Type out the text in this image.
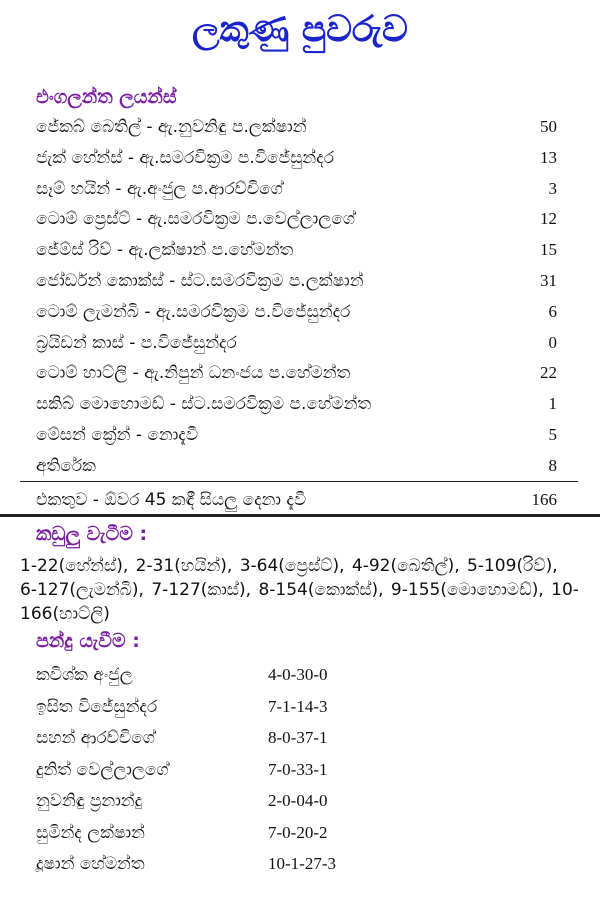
ලකුණු පුවරුව
එංගලන්ත ලයන්ස්
ජේකබ් බෙතිල් - ඇ.නුවනිඳු ප.ලක්ෂාන්	50
ජැක් හේන්ස් - ඇ.සමරවික්‍රම ප.විජේසුන්දර	13
සෑම් හයින් - ඇ.අංජුල ප.ආරච්චිගේ	3
ටොම් ප්‍රෙස්ට් - ඇ.සමරවික්‍රම ප.වෙල්ලාලගේ	12
ජේම්ස් රිව් - ඇ.ලක්ෂාන් ප.හේමන්ත	15
ජෝර්ඩන් කොක්ස් - ස්ට.සමරවික්‍රම ප.ලක්ෂාන්	31
ටොම් ලැමන්බි - ඇ.සමරවික්‍රම ප.විජේසුන්දර	6
බ්‍රයිඩන් කාස් - ප.විජේසුන්දර	0
ටොම් හාට්ලි - ඇ.නිපුන් ධනංජය ප.හේමන්ත	22
සකිබ් මොහොමඩ් - ස්ට.සමරවික්‍රම ප.හේමන්ත	1
මේසන් ක්‍රේන් - නොදැවී	5
අතිරේක	8
එකතුව - ඕවර 45 කඳී සියලු දෙනා දැවී	166
කඩුලු වැටීම :
1-22(හේන්ස්), 2-31(හයින්), 3-64(ප්‍රෙස්ට්), 4-92(බෙතිල්), 5-109(රිව්), 6-127(ලැමන්බි), 7-127(කාස්), 8-154(කොක්ස්), 9-155(මොහොමඩ්), 10-166(හාට්ලි)
පන්දු යැවීම :
කවිශ්ක අංජුල	4-0-30-0
ඉසිත විජේසුන්දර	7-1-14-3
සහන් ආරච්චිගේ	8-0-37-1
දුනිත් වෙල්ලාලගේ	7-0-33-1
නුවනිඳු ප්‍රනාන්දු	2-0-04-0
සුමින්ද ලක්ෂාන්	7-0-20-2
දූෂාන් හේමන්ත	10-1-27-3
